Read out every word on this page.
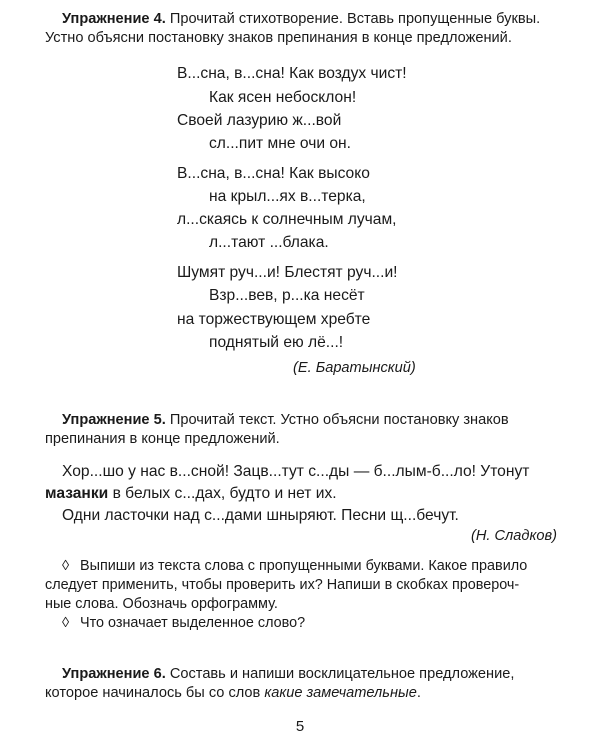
Упражнение 4. Прочитай стихотворение. Вставь пропущенные буквы.
Устно объясни постановку знаков препинания в конце предложений.
В...сна, в...сна! Как воздух чист!
Как ясен небосклон!
Своей лазурию ж...вой
сл...пит мне очи он.
В...сна, в...сна! Как высоко
на крыл...ях в...терка,
л...скаясь к солнечным лучам,
л...тают ...блака.
Шумят руч...и! Блестят руч...и!
Взр...вев, р...ка несёт
на торжествующем хребте
поднятый ею лё...!
(Е. Баратынский)
Упражнение 5. Прочитай текст. Устно объясни постановку знаков
препинания в конце предложений.
Хор...шо у нас в...сной! Зацв...тут с...ды — б...лым-б...ло! Утонут
мазанки в белых с...дах, будто и нет их.
Одни ласточки над с...дами шныряют. Песни щ...бечут.
(Н. Сладков)
◊ Выпиши из текста слова с пропущенными буквами. Какое правило
следует применить, чтобы проверить их? Напиши в скобках провероч-
ные слова. Обозначь орфограмму.
◊ Что означает выделенное слово?
Упражнение 6. Составь и напиши восклицательное предложение,
которое начиналось бы со слов какие замечательные.
5
